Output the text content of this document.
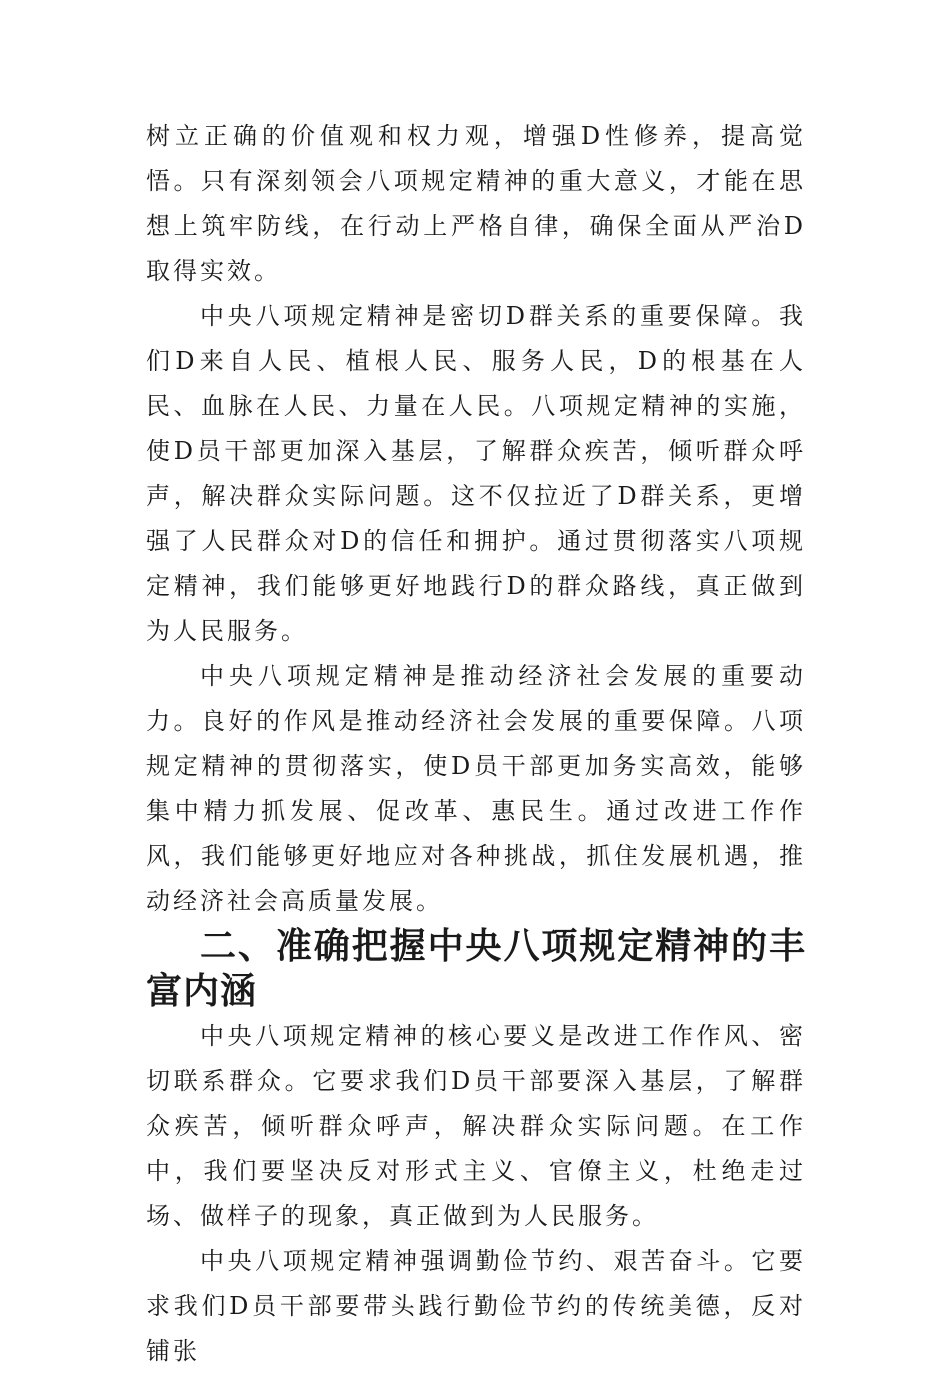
树立正确的价值观和权力观，增强D性修养，提高觉悟。只有深刻领会八项规定精神的重大意义，才能在思想上筑牢防线，在行动上严格自律，确保全面从严治D取得实效。

中央八项规定精神是密切D群关系的重要保障。我们D来自人民、植根人民、服务人民，D的根基在人民、血脉在人民、力量在人民。八项规定精神的实施，使D员干部更加深入基层，了解群众疾苦，倾听群众呼声，解决群众实际问题。这不仅拉近了D群关系，更增强了人民群众对D的信任和拥护。通过贯彻落实八项规定精神，我们能够更好地践行D的群众路线，真正做到为人民服务。

中央八项规定精神是推动经济社会发展的重要动力。良好的作风是推动经济社会发展的重要保障。八项规定精神的贯彻落实，使D员干部更加务实高效，能够集中精力抓发展、促改革、惠民生。通过改进工作作风，我们能够更好地应对各种挑战，抓住发展机遇，推动经济社会高质量发展。

二、准确把握中央八项规定精神的丰富内涵

中央八项规定精神的核心要义是改进工作作风、密切联系群众。它要求我们D员干部要深入基层，了解群众疾苦，倾听群众呼声，解决群众实际问题。在工作中，我们要坚决反对形式主义、官僚主义，杜绝走过场、做样子的现象，真正做到为人民服务。

中央八项规定精神强调勤俭节约、艰苦奋斗。它要求我们D员干部要带头践行勤俭节约的传统美德，反对铺张
